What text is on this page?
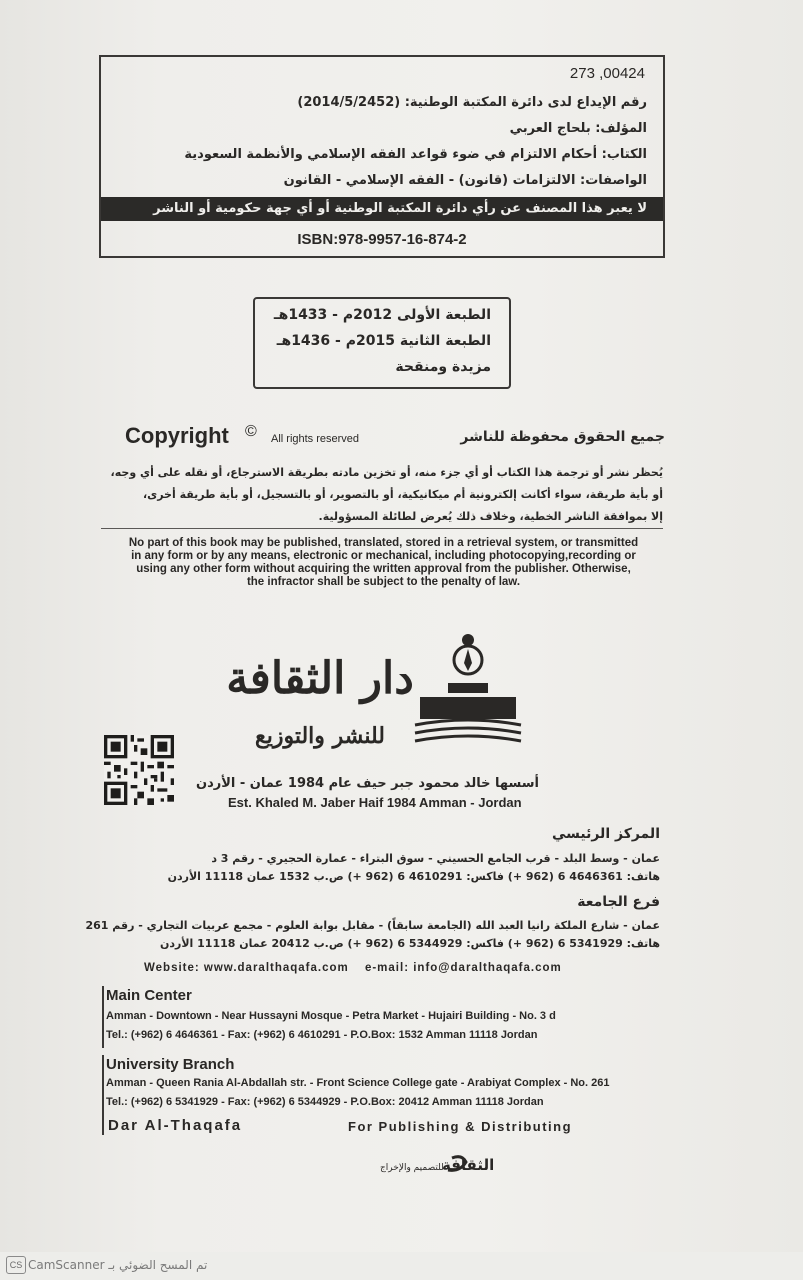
273 ,00424
رقم الإيداع لدى دائرة المكتبة الوطنية: (2014/5/2452)
المؤلف: بلحاج العربي
الكتاب: أحكام الالتزام في ضوء قواعد الفقه الإسلامي والأنظمة السعودية
الواصفات: الالتزامات (قانون) - الفقه الإسلامي - القانون
لا يعبر هذا المصنف عن رأي دائرة المكتبة الوطنية أو أي جهة حكومية أو الناشر
ISBN:978-9957-16-874-2
الطبعة الأولى 2012م - 1433هـ
الطبعة الثانية 2015م - 1436هـ
مزيدة ومنقحة
Copyright © All rights reserved	جميع الحقوق محفوظة للناشر
يُحظر نشر أو ترجمة هذا الكتاب أو أي جزء منه، أو تخزين مادته بطريقة الاسترجاع، أو نقله على أي وجه،
أو بأية طريقة، سواء أكانت إلكترونية أم ميكانيكية، أو بالتصوير، أو بالتسجيل، أو بأية طريقة أخرى،
إلا بموافقة الناشر الخطية، وخلاف ذلك يُعرض لطائلة المسؤولية.
No part of this book may be published, translated, stored in a retrieval system, or transmitted
in any form or by any means, electronic or mechanical, including photocopying,recording or
using any other form without acquiring the written approval from the publisher. Otherwise,
the infractor shall be subject to the penalty of law.
دار الثقافة
للنشر والتوزيع
أسسها خالد محمود جبر حيف عام 1984 عمان - الأردن
Est. Khaled M. Jaber Haif 1984 Amman - Jordan
المركز الرئيسي
عمان - وسط البلد - قرب الجامع الحسيني - سوق البتراء - عمارة الحجيري - رقم 3 د
هاتف: 4646361 6 (962 +) فاكس: 4610291 6 (962 +) ص.ب 1532 عمان 11118 الأردن
فرع الجامعة
عمان - شارع الملكة رانيا العبد الله (الجامعة سابقاً) - مقابل بوابة العلوم - مجمع عربيات التجاري - رقم 261
هاتف: 5341929 6 (962 +) فاكس: 5344929 6 (962 +) ص.ب 20412 عمان 11118 الأردن
Website: www.daralthaqafa.com e-mail: info@daralthaqafa.com
Main Center
Amman - Downtown - Near Hussayni Mosque - Petra Market - Hujairi Building - No. 3 d
Tel.: (+962) 6 4646361 - Fax: (+962) 6 4610291 - P.O.Box: 1532 Amman 11118 Jordan
University Branch
Amman - Queen Rania Al-Abdallah str. - Front Science College gate - Arabiyat Complex - No. 261
Tel.: (+962) 6 5341929 - Fax: (+962) 6 5344929 - P.O.Box: 20412 Amman 11118 Jordan
Dar Al-Thaqafa	For Publishing & Distributing
الثقافة
للتصميم والإخراج
CS تم المسح الضوئي بـ CamScanner
